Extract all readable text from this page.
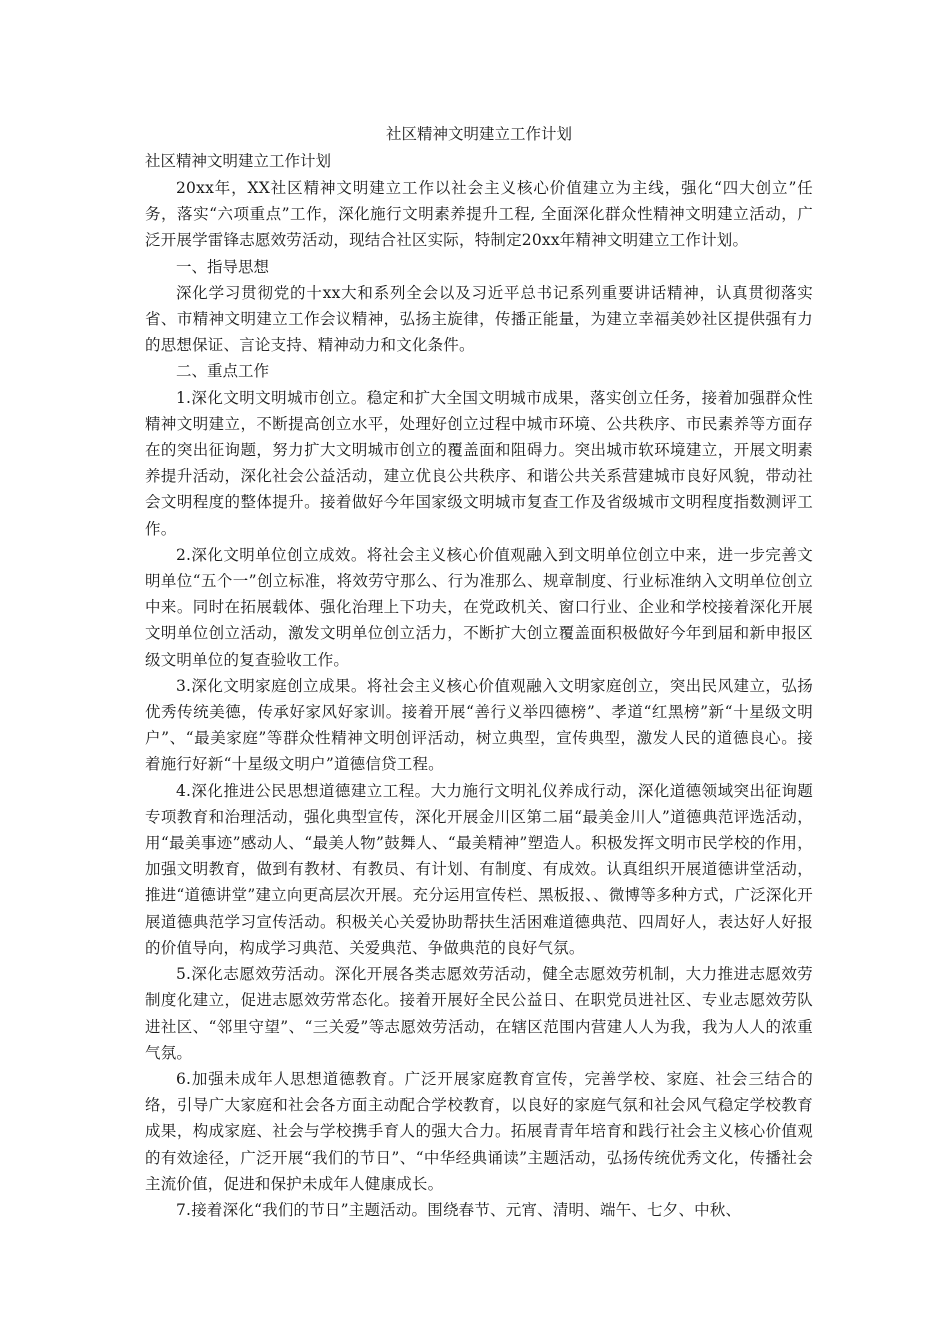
社区精神文明建立工作计划

社区精神文明建立工作计划

20xx年，XX社区精神文明建立工作以社会主义核心价值建立为主线，强化“四大创立”任务，落实“六项重点”工作，深化施行文明素养提升工程, 全面深化群众性精神文明建立活动，广泛开展学雷锋志愿效劳活动，现结合社区实际，特制定20xx年精神文明建立工作计划。

一、指导思想

深化学习贯彻党的十xx大和系列全会以及习近平总书记系列重要讲话精神，认真贯彻落实省、市精神文明建立工作会议精神，弘扬主旋律，传播正能量，为建立幸福美妙社区提供强有力的思想保证、言论支持、精神动力和文化条件。

二、重点工作

1.深化文明文明城市创立。稳定和扩大全国文明城市成果，落实创立任务，接着加强群众性精神文明建立，不断提高创立水平，处理好创立过程中城市环境、公共秩序、市民素养等方面存在的突出征询题，努力扩大文明城市创立的覆盖面和阻碍力。突出城市软环境建立，开展文明素养提升活动，深化社会公益活动，建立优良公共秩序、和谐公共关系营建城市良好风貌，带动社会文明程度的整体提升。接着做好今年国家级文明城市复查工作及省级城市文明程度指数测评工作。

2.深化文明单位创立成效。将社会主义核心价值观融入到文明单位创立中来，进一步完善文明单位“五个一”创立标准，将效劳守那么、行为准那么、规章制度、行业标准纳入文明单位创立中来。同时在拓展载体、强化治理上下功夫，在党政机关、窗口行业、企业和学校接着深化开展文明单位创立活动，激发文明单位创立活力，不断扩大创立覆盖面积极做好今年到届和新申报区级文明单位的复查验收工作。

3.深化文明家庭创立成果。将社会主义核心价值观融入文明家庭创立，突出民风建立，弘扬优秀传统美德，传承好家风好家训。接着开展“善行义举四德榜”、孝道“红黑榜”新“十星级文明户”、“最美家庭”等群众性精神文明创评活动，树立典型，宣传典型，激发人民的道德良心。接着施行好新“十星级文明户”道德信贷工程。

4.深化推进公民思想道德建立工程。大力施行文明礼仪养成行动，深化道德领域突出征询题专项教育和治理活动，强化典型宣传，深化开展金川区第二届“最美金川人”道德典范评选活动，用“最美事迹”感动人、“最美人物”鼓舞人、“最美精神”塑造人。积极发挥文明市民学校的作用，加强文明教育，做到有教材、有教员、有计划、有制度、有成效。认真组织开展道德讲堂活动，推进“道德讲堂”建立向更高层次开展。充分运用宣传栏、黑板报、、微博等多种方式，广泛深化开展道德典范学习宣传活动。积极关心关爱协助帮扶生活困难道德典范、四周好人，表达好人好报的价值导向，构成学习典范、关爱典范、争做典范的良好气氛。

5.深化志愿效劳活动。深化开展各类志愿效劳活动，健全志愿效劳机制，大力推进志愿效劳制度化建立，促进志愿效劳常态化。接着开展好全民公益日、在职党员进社区、专业志愿效劳队进社区、“邻里守望”、“三关爱”等志愿效劳活动，在辖区范围内营建人人为我，我为人人的浓重气氛。

6.加强未成年人思想道德教育。广泛开展家庭教育宣传，完善学校、家庭、社会三结合的络，引导广大家庭和社会各方面主动配合学校教育，以良好的家庭气氛和社会风气稳定学校教育成果，构成家庭、社会与学校携手育人的强大合力。拓展青青年培育和践行社会主义核心价值观的有效途径，广泛开展“我们的节日”、“中华经典诵读”主题活动，弘扬传统优秀文化，传播社会主流价值，促进和保护未成年人健康成长。

7.接着深化“我们的节日”主题活动。围绕春节、元宵、清明、端午、七夕、中秋、
